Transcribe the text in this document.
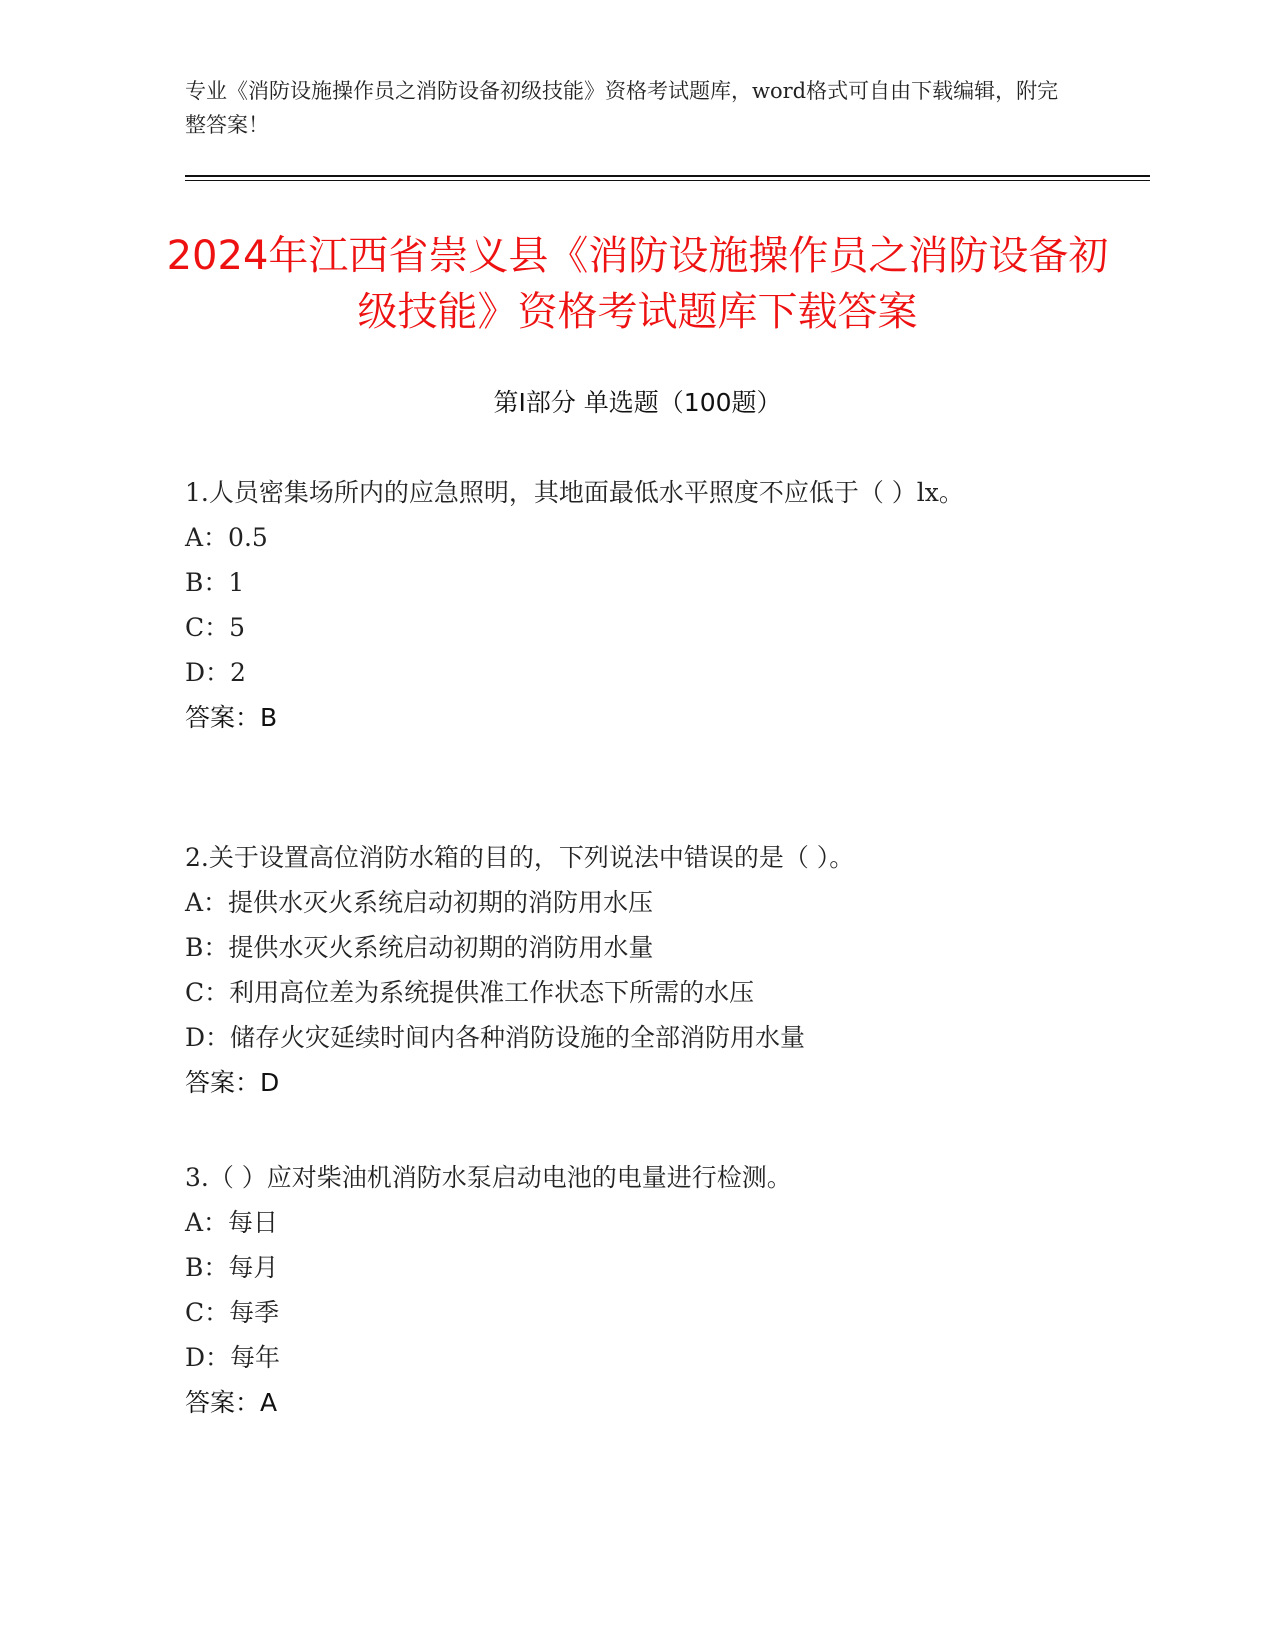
专业《消防设施操作员之消防设备初级技能》资格考试题库，word格式可自由下载编辑，附完整答案！
2024年江西省崇义县《消防设施操作员之消防设备初级技能》资格考试题库下载答案
第Ⅰ部分 单选题（100题）
1.人员密集场所内的应急照明，其地面最低水平照度不应低于（ ）lx。
A：0.5
B：1
C：5
D：2
答案：B
2.关于设置高位消防水箱的目的，下列说法中错误的是（ ）。
A：提供水灭火系统启动初期的消防用水压
B：提供水灭火系统启动初期的消防用水量
C：利用高位差为系统提供准工作状态下所需的水压
D：储存火灾延续时间内各种消防设施的全部消防用水量
答案：D
3.（ ）应对柴油机消防水泵启动电池的电量进行检测。
A：每日
B：每月
C：每季
D：每年
答案：A
